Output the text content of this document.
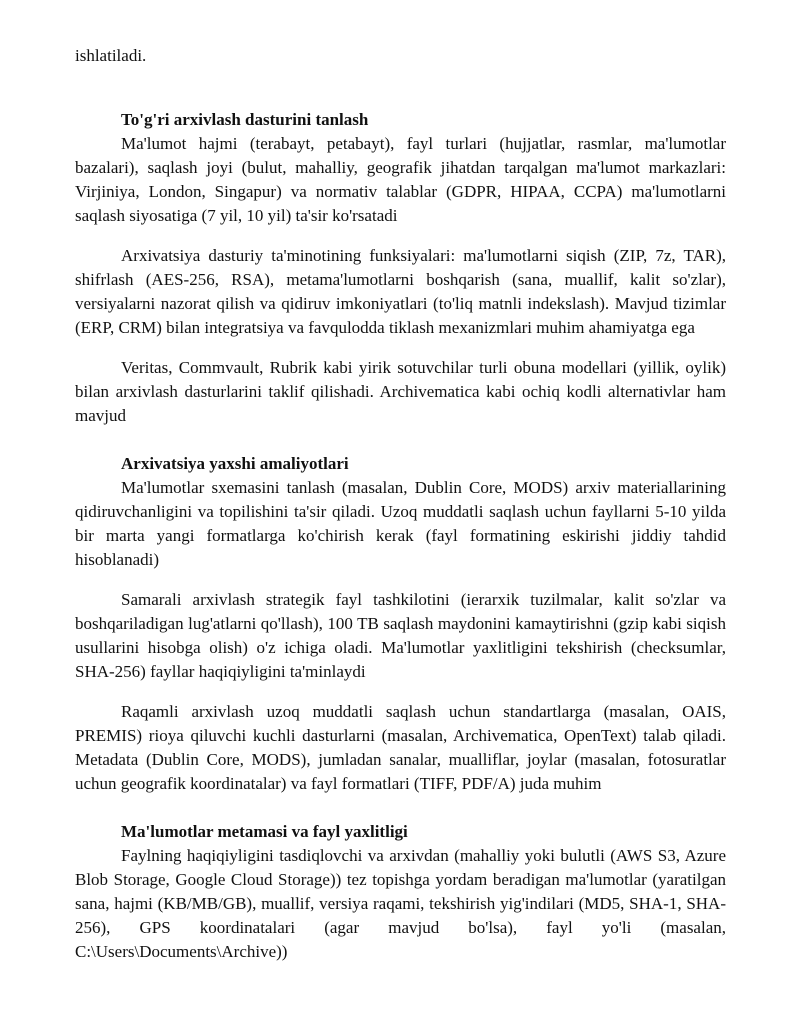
ishlatiladi.

To'g'ri arxivlash dasturini tanlash

Ma'lumot hajmi (terabayt, petabayt), fayl turlari (hujjatlar, rasmlar, ma'lumotlar bazalari), saqlash joyi (bulut, mahalliy, geografik jihatdan tarqalgan ma'lumot markazlari: Virjiniya, London, Singapur) va normativ talablar (GDPR, HIPAA, CCPA) ma'lumotlarni saqlash siyosatiga (7 yil, 10 yil) ta'sir ko'rsatadi

Arxivatsiya dasturiy ta'minotining funksiyalari: ma'lumotlarni siqish (ZIP, 7z, TAR), shifrlash (AES-256, RSA), metama'lumotlarni boshqarish (sana, muallif, kalit so'zlar), versiyalarni nazorat qilish va qidiruv imkoniyatlari (to'liq matnli indekslash). Mavjud tizimlar (ERP, CRM) bilan integratsiya va favqulodda tiklash mexanizmlari muhim ahamiyatga ega

Veritas, Commvault, Rubrik kabi yirik sotuvchilar turli obuna modellari (yillik, oylik) bilan arxivlash dasturlarini taklif qilishadi. Archivematica kabi ochiq kodli alternativlar ham mavjud

Arxivatsiya yaxshi amaliyotlari

Ma'lumotlar sxemasini tanlash (masalan, Dublin Core, MODS) arxiv materiallarining qidiruvchanligini va topilishini ta'sir qiladi. Uzoq muddatli saqlash uchun fayllarni 5-10 yilda bir marta yangi formatlarga ko'chirish kerak (fayl formatining eskirishi jiddiy tahdid hisoblanadi)

Samarali arxivlash strategik fayl tashkilotini (ierarxik tuzilmalar, kalit so'zlar va boshqariladigan lug'atlarni qo'llash), 100 TB saqlash maydonini kamaytirishni (gzip kabi siqish usullarini hisobga olish) o'z ichiga oladi. Ma'lumotlar yaxlitligini tekshirish (checksumlar, SHA-256) fayllar haqiqiyligini ta'minlaydi

Raqamli arxivlash uzoq muddatli saqlash uchun standartlarga (masalan, OAIS, PREMIS) rioya qiluvchi kuchli dasturlarni (masalan, Archivematica, OpenText) talab qiladi. Metadata (Dublin Core, MODS), jumladan sanalar, mualliflar, joylar (masalan, fotosuratlar uchun geografik koordinatalar) va fayl formatlari (TIFF, PDF/A) juda muhim

Ma'lumotlar metamasi va fayl yaxlitligi

Faylning haqiqiyligini tasdiqlovchi va arxivdan (mahalliy yoki bulutli (AWS S3, Azure Blob Storage, Google Cloud Storage)) tez topishga yordam beradigan ma'lumotlar (yaratilgan sana, hajmi (KB/MB/GB), muallif, versiya raqami, tekshirish yig'indilari (MD5, SHA-1, SHA-256), GPS koordinatalari (agar mavjud bo'lsa), fayl yo'li (masalan, C:\Users\Documents\Archive))
